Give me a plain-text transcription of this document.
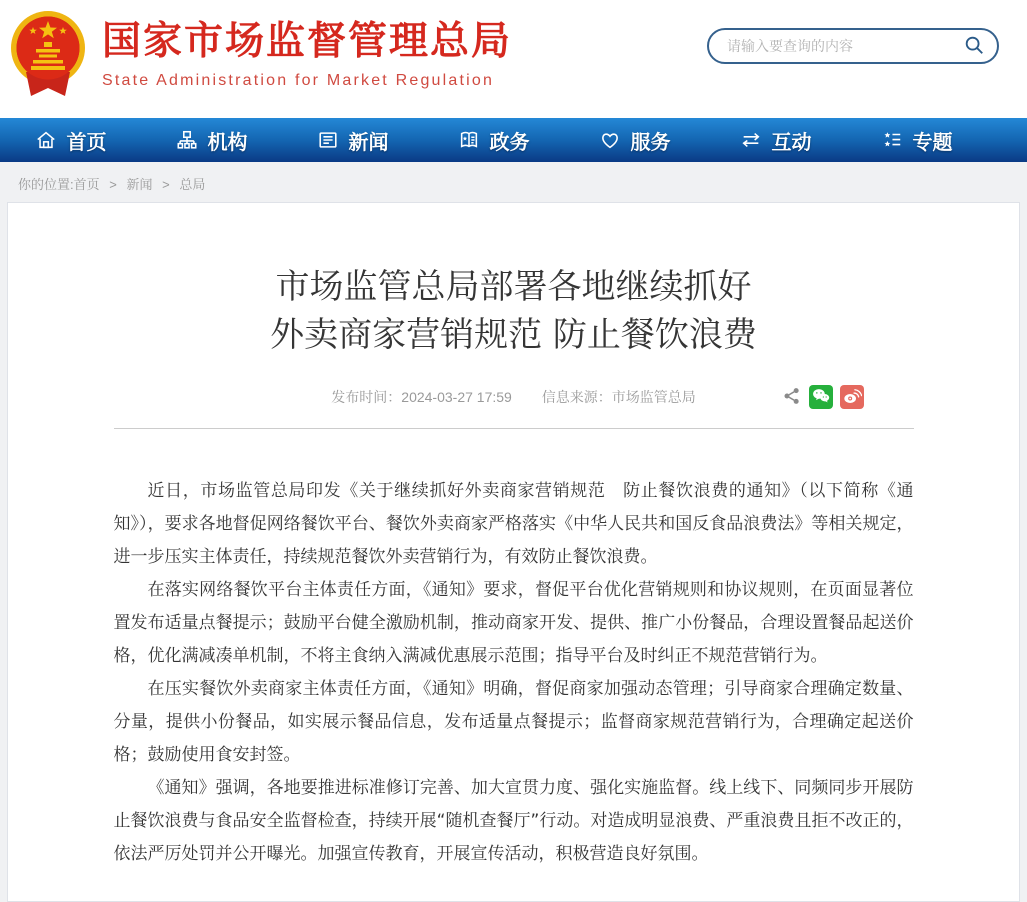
国家市场监督管理总局
State Administration for Market Regulation
请输入要查询的内容
首页	机构	新闻	政务	服务	互动	专题
你的位置:首页 > 新闻 > 总局
市场监管总局部署各地继续抓好
外卖商家营销规范 防止餐饮浪费
发布时间：2024-03-27 17:59 信息来源：市场监管总局

近日，市场监管总局印发《关于继续抓好外卖商家营销规范　防止餐饮浪费的通知》（以下简称《通知》），要求各地督促网络餐饮平台、餐饮外卖商家严格落实《中华人民共和国反食品浪费法》等相关规定，进一步压实主体责任，持续规范餐饮外卖营销行为，有效防止餐饮浪费。

在落实网络餐饮平台主体责任方面，《通知》要求，督促平台优化营销规则和协议规则，在页面显著位置发布适量点餐提示；鼓励平台健全激励机制，推动商家开发、提供、推广小份餐品，合理设置餐品起送价格，优化满减凑单机制，不将主食纳入满减优惠展示范围；指导平台及时纠正不规范营销行为。

在压实餐饮外卖商家主体责任方面，《通知》明确，督促商家加强动态管理；引导商家合理确定数量、分量，提供小份餐品，如实展示餐品信息，发布适量点餐提示；监督商家规范营销行为，合理确定起送价格；鼓励使用食安封签。

《通知》强调，各地要推进标准修订完善、加大宣贯力度、强化实施监督。线上线下、同频同步开展防止餐饮浪费与食品安全监督检查，持续开展“随机查餐厅”行动。对造成明显浪费、严重浪费且拒不改正的，依法严厉处罚并公开曝光。加强宣传教育，开展宣传活动，积极营造良好氛围。
